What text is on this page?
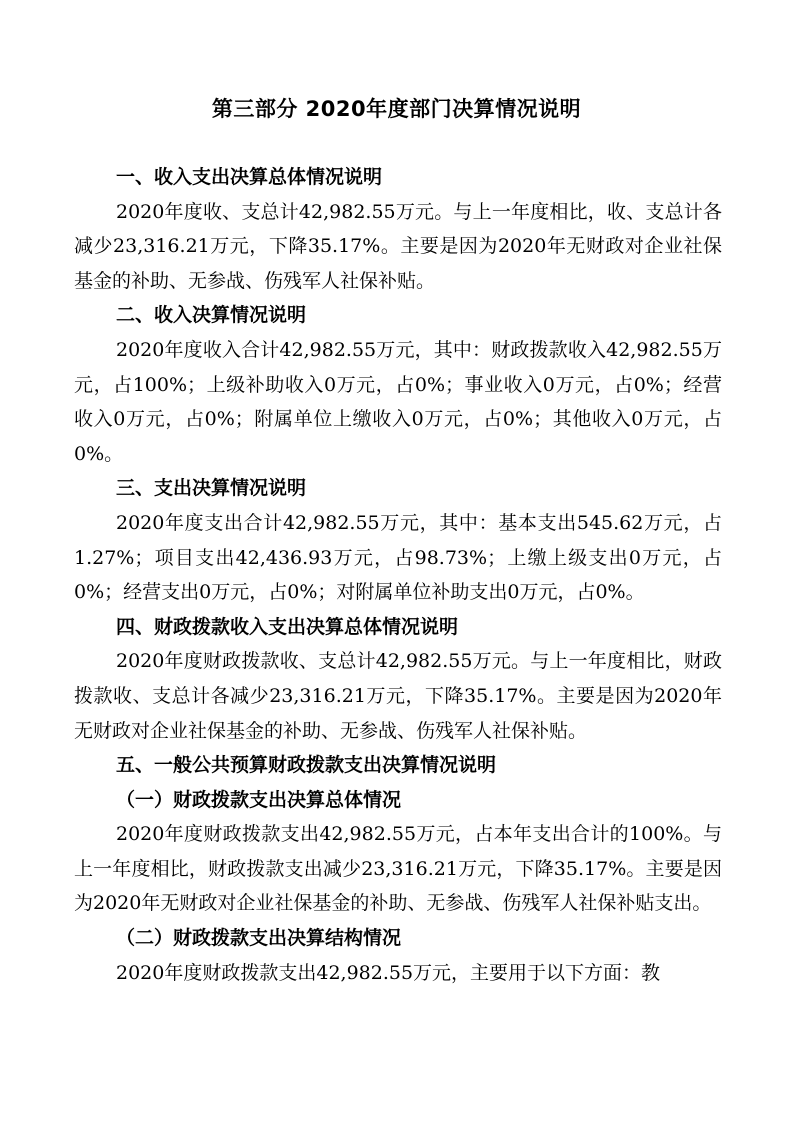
第三部分 2020年度部门决算情况说明
一、收入支出决算总体情况说明

2020年度收、支总计42,982.55万元。与上一年度相比，收、支总计各减少23,316.21万元，下降35.17%。主要是因为2020年无财政对企业社保基金的补助、无参战、伤残军人社保补贴。

二、收入决算情况说明

2020年度收入合计42,982.55万元，其中：财政拨款收入42,982.55万元，占100%；上级补助收入0万元，占0%；事业收入0万元，占0%；经营收入0万元，占0%；附属单位上缴收入0万元，占0%；其他收入0万元，占0%。

三、支出决算情况说明

2020年度支出合计42,982.55万元，其中：基本支出545.62万元，占1.27%；项目支出42,436.93万元，占98.73%；上缴上级支出0万元，占0%；经营支出0万元，占0%；对附属单位补助支出0万元，占0%。

四、财政拨款收入支出决算总体情况说明

2020年度财政拨款收、支总计42,982.55万元。与上一年度相比，财政拨款收、支总计各减少23,316.21万元，下降35.17%。主要是因为2020年无财政对企业社保基金的补助、无参战、伤残军人社保补贴。

五、一般公共预算财政拨款支出决算情况说明
（一）财政拨款支出决算总体情况

2020年度财政拨款支出42,982.55万元，占本年支出合计的100%。与上一年度相比，财政拨款支出减少23,316.21万元，下降35.17%。主要是因为2020年无财政对企业社保基金的补助、无参战、伤残军人社保补贴支出。

（二）财政拨款支出决算结构情况

2020年度财政拨款支出42,982.55万元，主要用于以下方面：教
